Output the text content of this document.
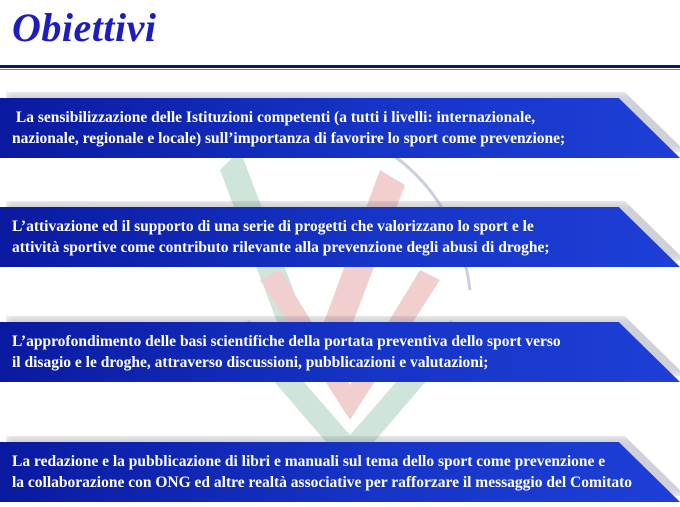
Obiettivi

La sensibilizzazione delle Istituzioni competenti (a tutti i livelli: internazionale,
nazionale, regionale e locale) sull’importanza di favorire lo sport come prevenzione;

L’attivazione ed il supporto di una serie di progetti che valorizzano lo sport e le
attività sportive come contributo rilevante alla prevenzione degli abusi di droghe;

L’approfondimento delle basi scientifiche della portata preventiva dello sport verso
il disagio e le droghe, attraverso discussioni, pubblicazioni e valutazioni;

La redazione e la pubblicazione di libri e manuali sul tema dello sport come prevenzione e
la collaborazione con ONG ed altre realtà associative per rafforzare il messaggio del Comitato
